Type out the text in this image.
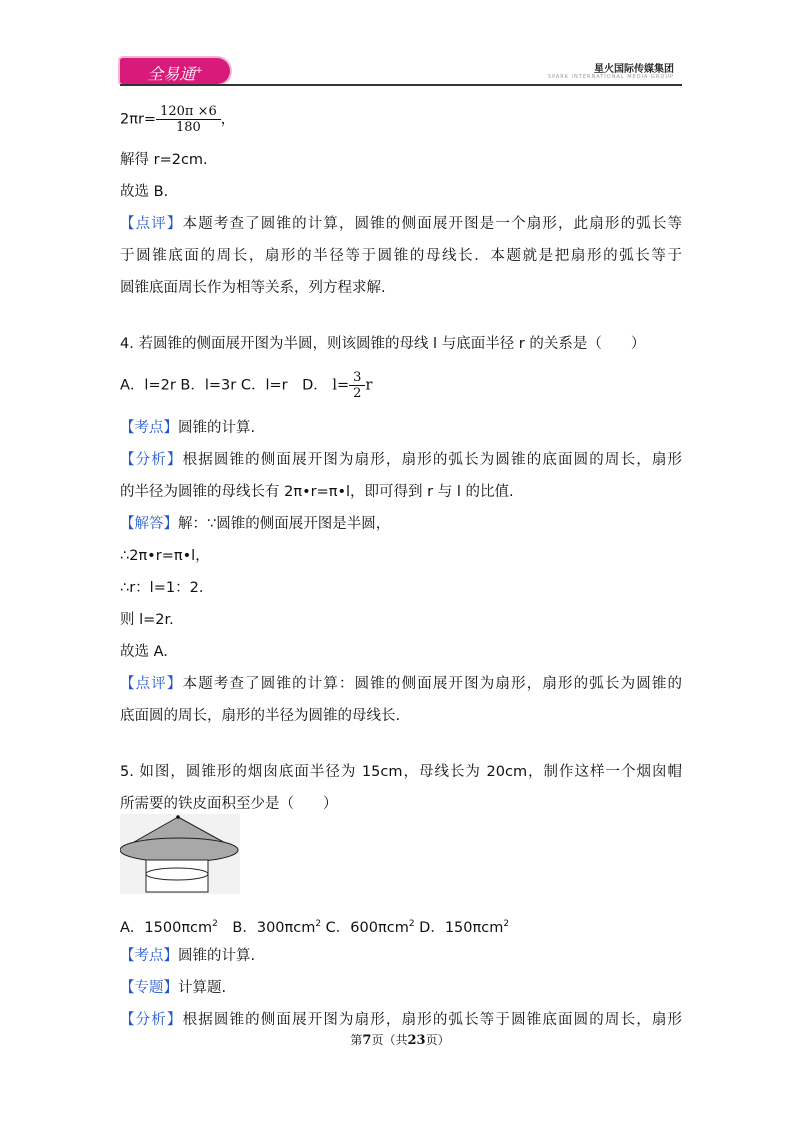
全易通+	星火国际传媒集团
SPARK INTERNATIONAL MEDIA GROUP
$2\pi r= \frac{120\pi \times 6}{180}$ ，
解得 r=2cm.
故选 B.
【点评】本题考查了圆锥的计算，圆锥的侧面展开图是一个扇形，此扇形的弧长等
于圆锥底面的周长，扇形的半径等于圆锥的母线长．本题就是把扇形的弧长等于
圆锥底面周长作为相等关系，列方程求解.
4. 若圆锥的侧面展开图为半圆，则该圆锥的母线 l 与底面半径 r 的关系是（　　）
A．l=2r B．l=3r C．l=r　D． $l= \frac{3}{2}$ r
【考点】圆锥的计算.
【分析】根据圆锥的侧面展开图为扇形，扇形的弧长为圆锥的底面圆的周长，扇形
的半径为圆锥的母线长有 2π•r=π•l，即可得到 r 与 l 的比值.
【解答】解：∵圆锥的侧面展开图是半圆，
∴2π•r=π•l，
∴r：l=1：2.
则 l=2r.
故选 A.
【点评】本题考查了圆锥的计算：圆锥的侧面展开图为扇形，扇形的弧长为圆锥的
底面圆的周长，扇形的半径为圆锥的母线长.
5. 如图，圆锥形的烟囱底面半径为 15cm，母线长为 20cm，制作这样一个烟囱帽
所需要的铁皮面积至少是（　　）
A．1500πcm$^2$　B．300πcm$^2$ C．600πcm$^2$ D．150πcm$^2$
【考点】圆锥的计算.
【专题】计算题.
【分析】根据圆锥的侧面展开图为扇形，扇形的弧长等于圆锥底面圆的周长，扇形
第7页（共23页）
